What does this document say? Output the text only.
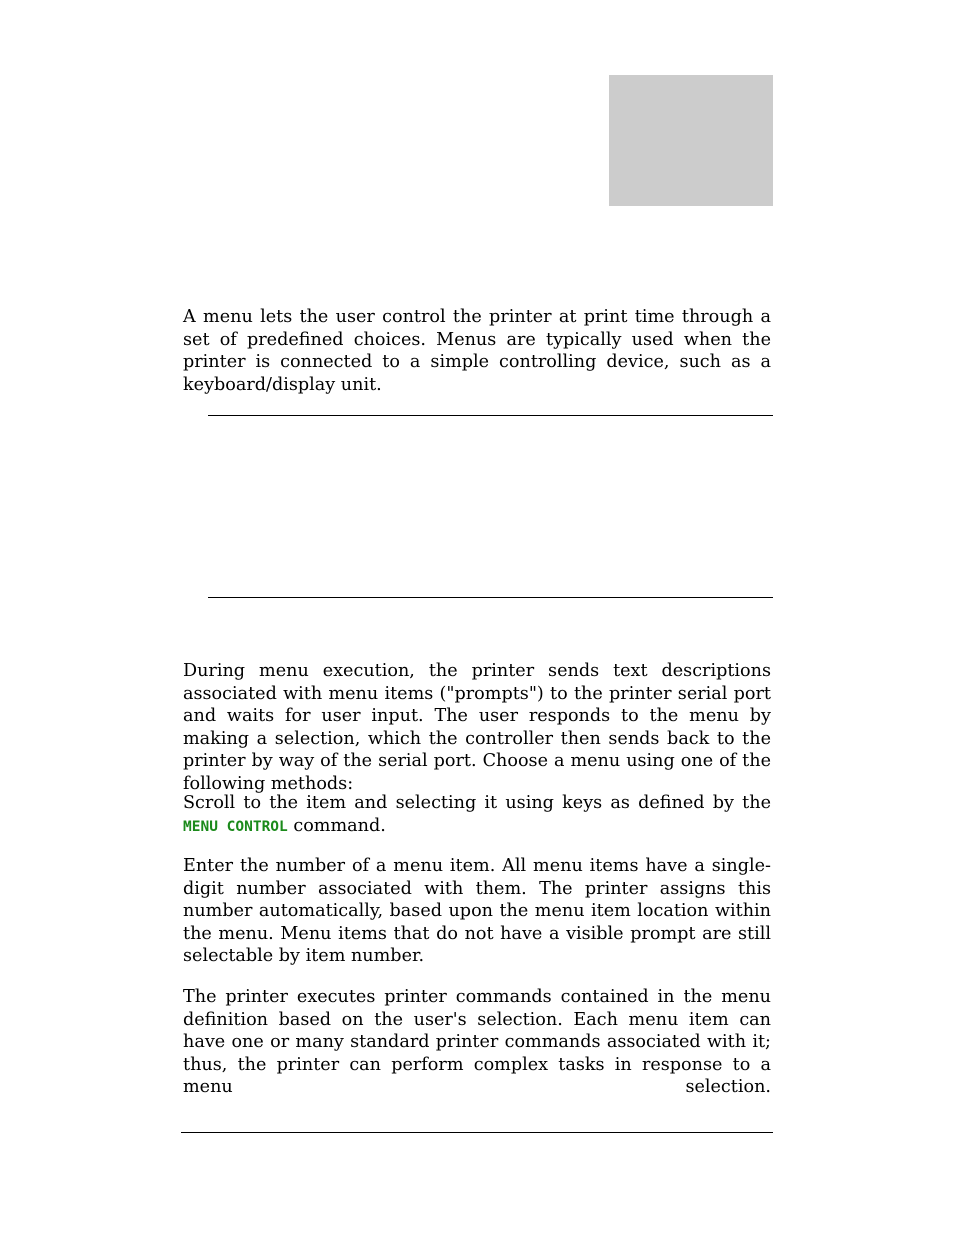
A menu lets the user control the printer at print time through a set of predefined choices. Menus are typically used when the printer is connected to a simple controlling device, such as a keyboard/display unit.

During menu execution, the printer sends text descriptions associated with menu items ("prompts") to the printer serial port and waits for user input. The user responds to the menu by making a selection, which the controller then sends back to the printer by way of the serial port. Choose a menu using one of the following methods:

Scroll to the item and selecting it using keys as defined by the MENU CONTROL command.

Enter the number of a menu item. All menu items have a single-digit number associated with them. The printer assigns this number automatically, based upon the menu item location within the menu. Menu items that do not have a visible prompt are still selectable by item number.

The printer executes printer commands contained in the menu definition based on the user's selection. Each menu item can have one or many standard printer commands associated with it; thus, the printer can perform complex tasks in response to a menu selection.
